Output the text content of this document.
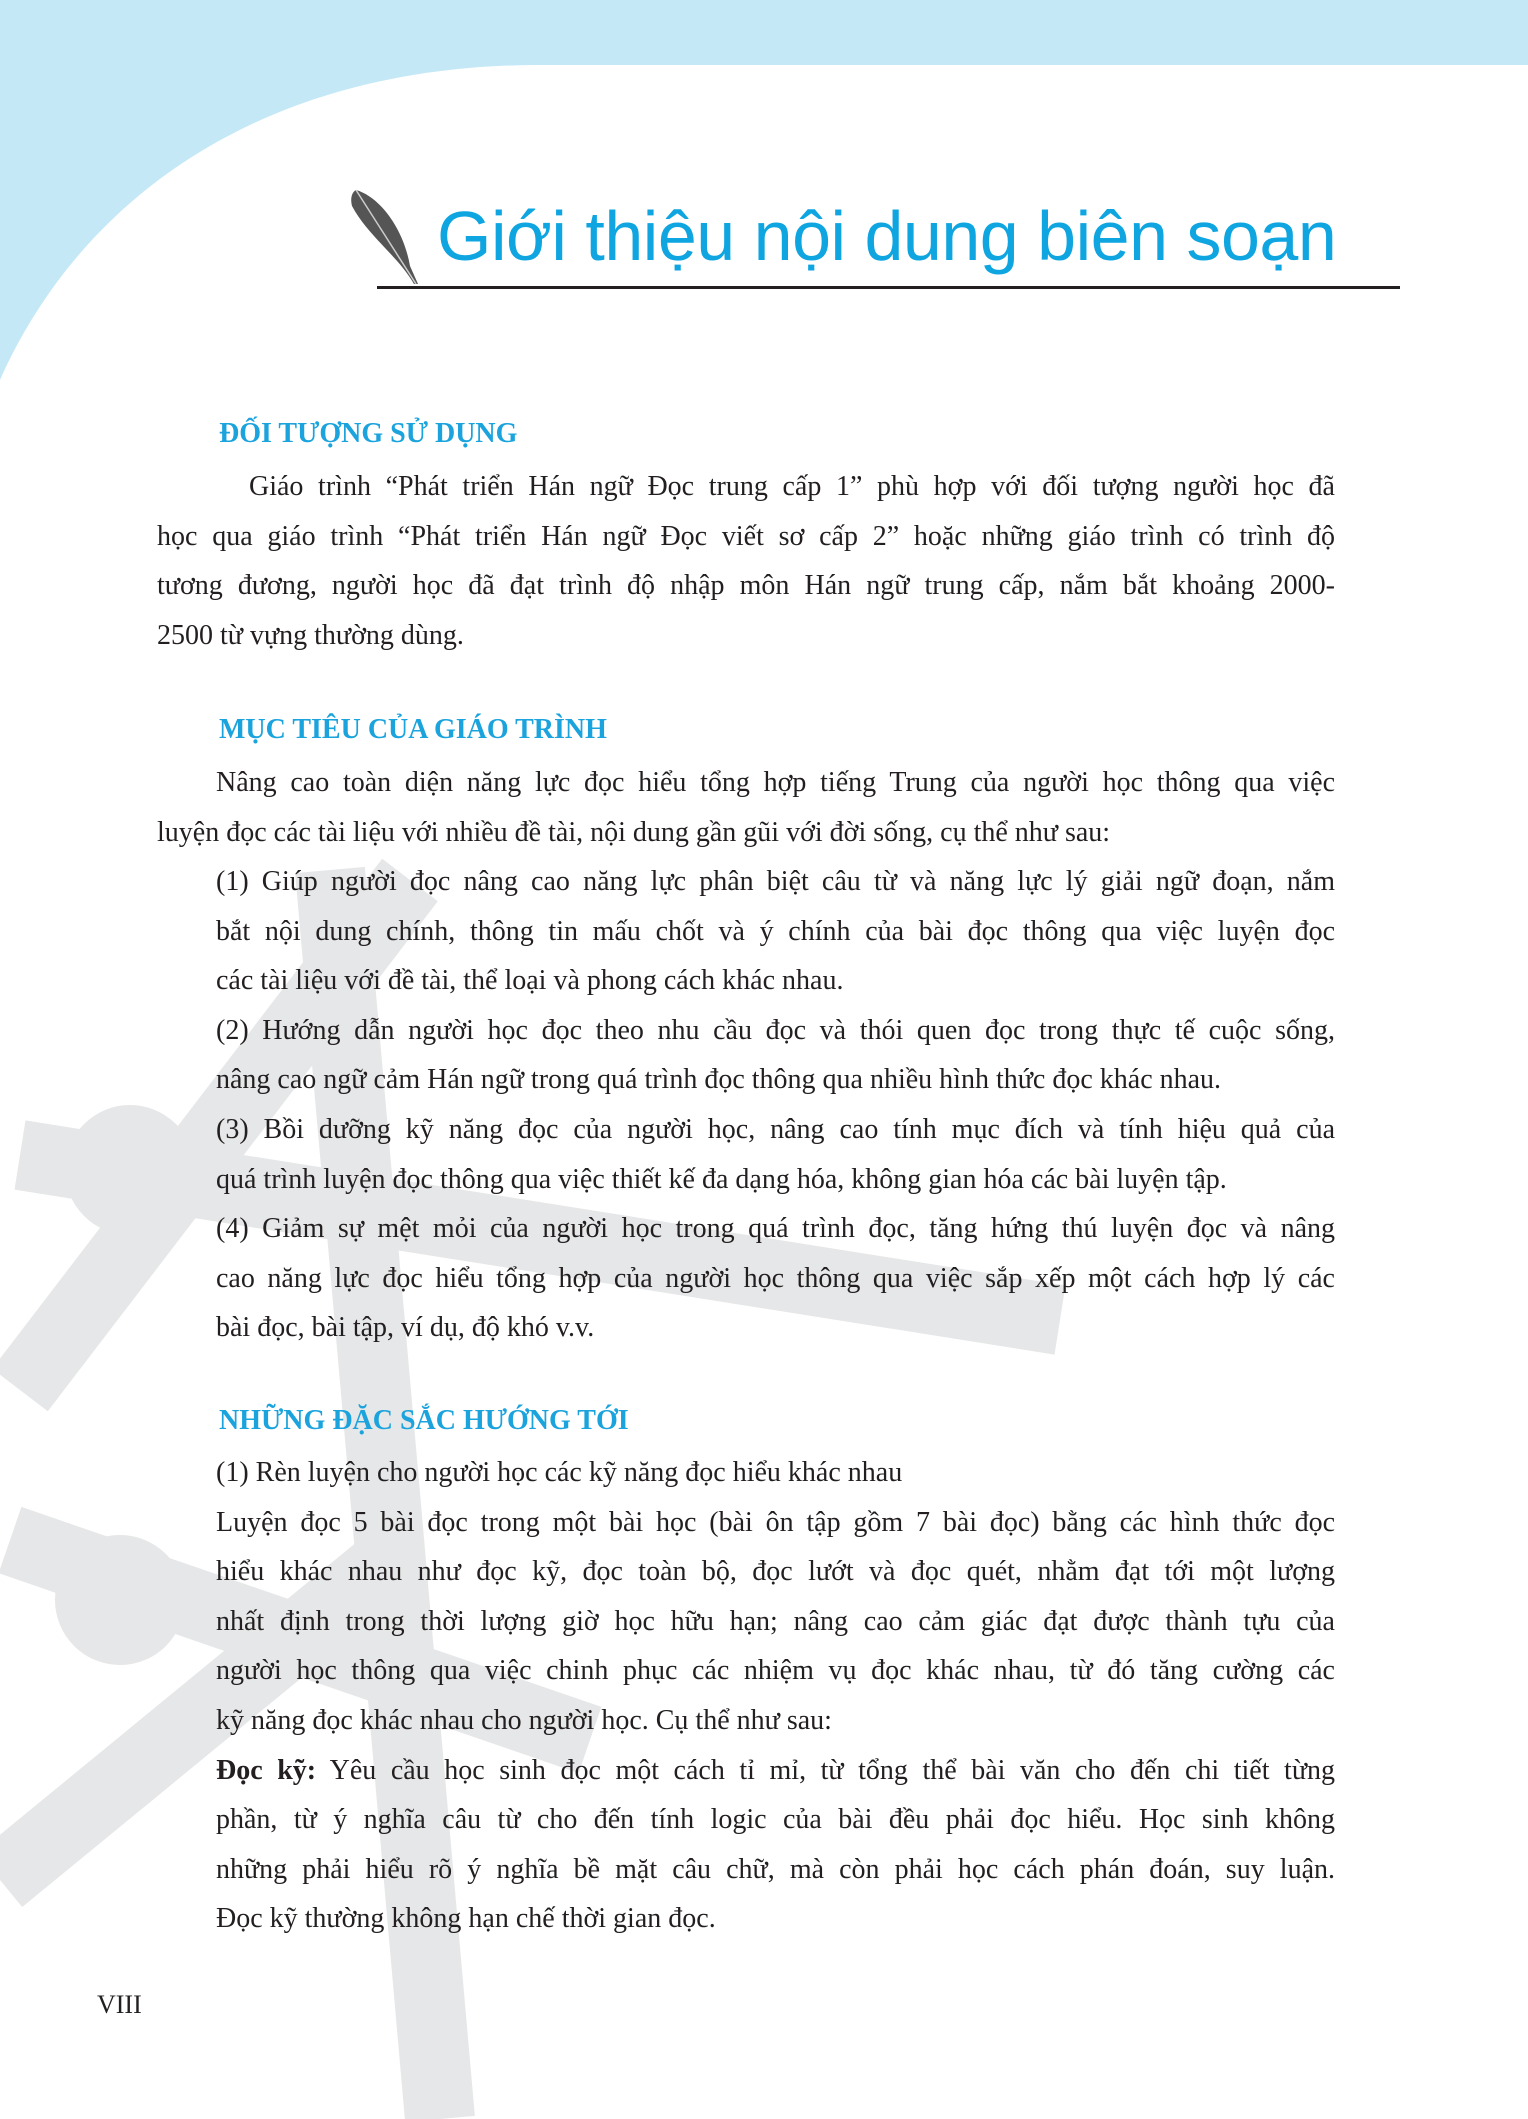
Giới thiệu nội dung biên soạn
ĐỐI TƯỢNG SỬ DỤNG
Giáo trình “Phát triển Hán ngữ Đọc trung cấp 1” phù hợp với đối tượng người học đã
học qua giáo trình “Phát triển Hán ngữ Đọc viết sơ cấp 2” hoặc những giáo trình có trình độ
tương đương, người học đã đạt trình độ nhập môn Hán ngữ trung cấp, nắm bắt khoảng 2000-
2500 từ vựng thường dùng.
MỤC TIÊU CỦA GIÁO TRÌNH
Nâng cao toàn diện năng lực đọc hiểu tổng hợp tiếng Trung của người học thông qua việc
luyện đọc các tài liệu với nhiều đề tài, nội dung gần gũi với đời sống, cụ thể như sau:
(1) Giúp người đọc nâng cao năng lực phân biệt câu từ và năng lực lý giải ngữ đoạn, nắm
bắt nội dung chính, thông tin mấu chốt và ý chính của bài đọc thông qua việc luyện đọc
các tài liệu với đề tài, thể loại và phong cách khác nhau.
(2) Hướng dẫn người học đọc theo nhu cầu đọc và thói quen đọc trong thực tế cuộc sống,
nâng cao ngữ cảm Hán ngữ trong quá trình đọc thông qua nhiều hình thức đọc khác nhau.
(3) Bồi dưỡng kỹ năng đọc của người học, nâng cao tính mục đích và tính hiệu quả của
quá trình luyện đọc thông qua việc thiết kế đa dạng hóa, không gian hóa các bài luyện tập.
(4) Giảm sự mệt mỏi của người học trong quá trình đọc, tăng hứng thú luyện đọc và nâng
cao năng lực đọc hiểu tổng hợp của người học thông qua việc sắp xếp một cách hợp lý các
bài đọc, bài tập, ví dụ, độ khó v.v.
NHỮNG ĐẶC SẮC HƯỚNG TỚI
(1) Rèn luyện cho người học các kỹ năng đọc hiểu khác nhau
Luyện đọc 5 bài đọc trong một bài học (bài ôn tập gồm 7 bài đọc) bằng các hình thức đọc
hiểu khác nhau như đọc kỹ, đọc toàn bộ, đọc lướt và đọc quét, nhằm đạt tới một lượng
nhất định trong thời lượng giờ học hữu hạn; nâng cao cảm giác đạt được thành tựu của
người học thông qua việc chinh phục các nhiệm vụ đọc khác nhau, từ đó tăng cường các
kỹ năng đọc khác nhau cho người học. Cụ thể như sau:
Đọc kỹ: Yêu cầu học sinh đọc một cách tỉ mỉ, từ tổng thể bài văn cho đến chi tiết từng
phần, từ ý nghĩa câu từ cho đến tính logic của bài đều phải đọc hiểu. Học sinh không
những phải hiểu rõ ý nghĩa bề mặt câu chữ, mà còn phải học cách phán đoán, suy luận.
Đọc kỹ thường không hạn chế thời gian đọc.
VIII
